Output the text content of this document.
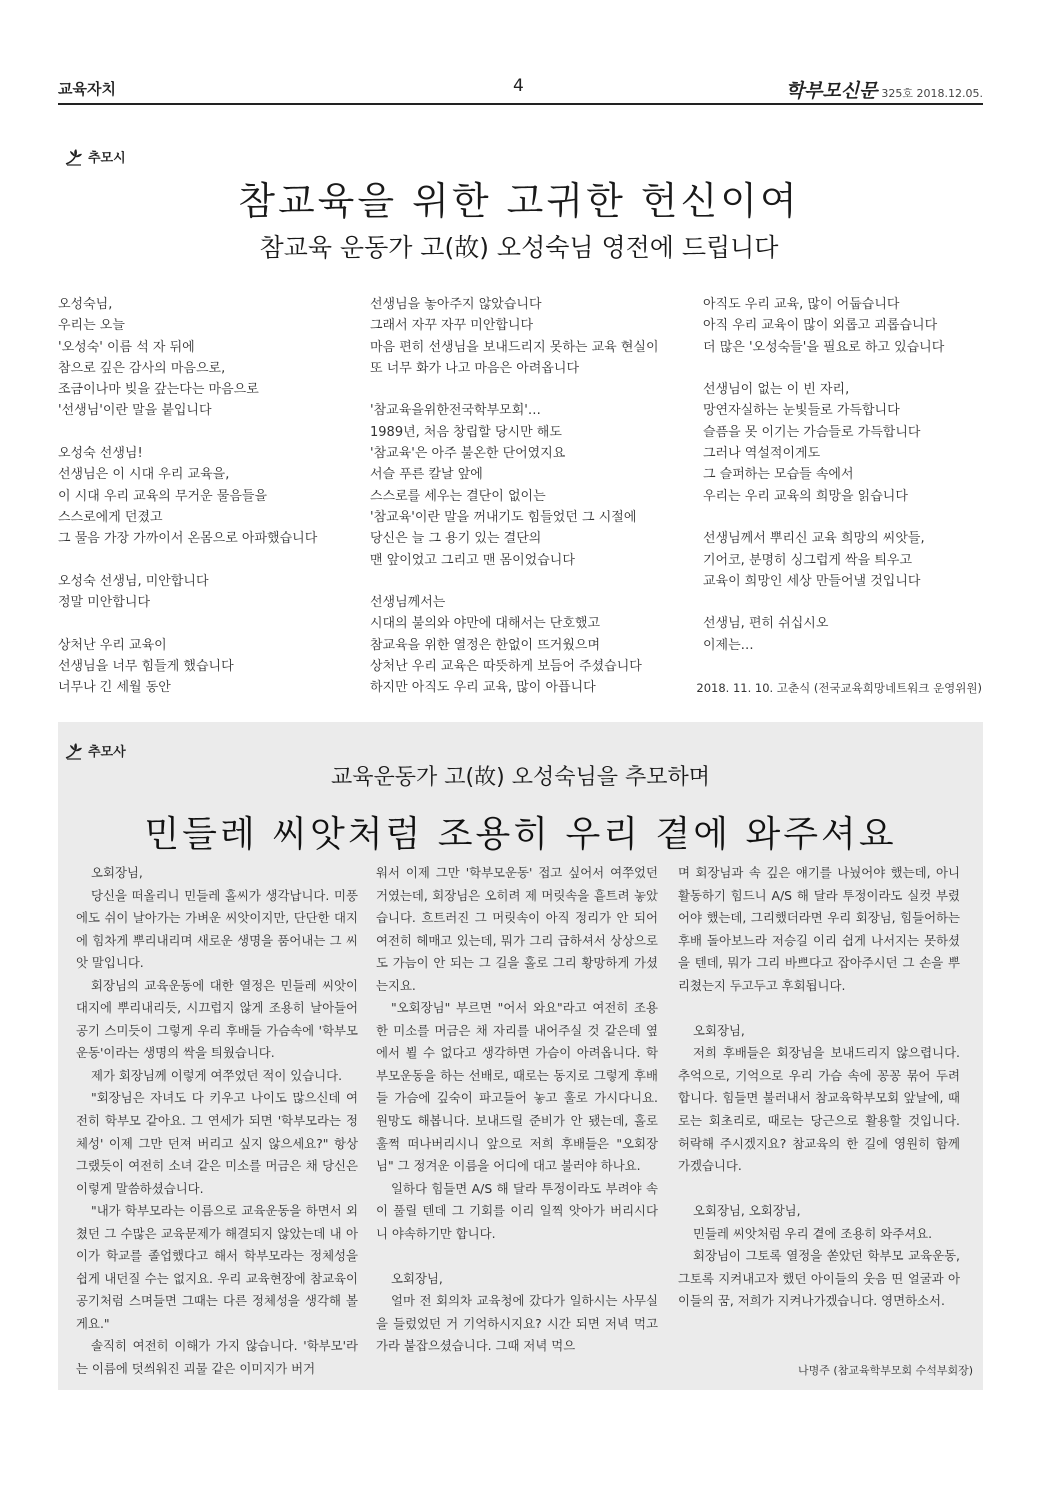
교육자치	4	학부모신문 325호 2018.12.05.
추모시
참교육을 위한 고귀한 헌신이여
참교육 운동가 고(故) 오성숙님 영전에 드립니다
오성숙님,
우리는 오늘
'오성숙' 이름 석 자 뒤에
참으로 깊은 감사의 마음으로,
조금이나마 빚을 갚는다는 마음으로
'선생님'이란 말을 붙입니다
오성숙 선생님!
선생님은 이 시대 우리 교육을,
이 시대 우리 교육의 무거운 물음들을
스스로에게 던졌고
그 물음 가장 가까이서 온몸으로 아파했습니다
오성숙 선생님, 미안합니다
정말 미안합니다
상처난 우리 교육이
선생님을 너무 힘들게 했습니다
너무나 긴 세월 동안
선생님을 놓아주지 않았습니다
그래서 자꾸 자꾸 미안합니다
마음 편히 선생님을 보내드리지 못하는 교육 현실이
또 너무 화가 나고 마음은 아려옵니다
'참교육을위한전국학부모회'…
1989년, 처음 창립할 당시만 해도
'참교육'은 아주 불온한 단어였지요
서슬 푸른 칼날 앞에
스스로를 세우는 결단이 없이는
'참교육'이란 말을 꺼내기도 힘들었던 그 시절에
당신은 늘 그 용기 있는 결단의
맨 앞이었고 그리고 맨 몸이었습니다
선생님께서는
시대의 불의와 야만에 대해서는 단호했고
참교육을 위한 열정은 한없이 뜨거웠으며
상처난 우리 교육은 따뜻하게 보듬어 주셨습니다
하지만 아직도 우리 교육, 많이 아픕니다
아직도 우리 교육, 많이 어둡습니다
아직 우리 교육이 많이 외롭고 괴롭습니다
더 많은 '오성숙들'을 필요로 하고 있습니다
선생님이 없는 이 빈 자리,
망연자실하는 눈빛들로 가득합니다
슬픔을 못 이기는 가슴들로 가득합니다
그러나 역설적이게도
그 슬퍼하는 모습들 속에서
우리는 우리 교육의 희망을 읽습니다
선생님께서 뿌리신 교육 희망의 씨앗들,
기어코, 분명히 싱그럽게 싹을 틔우고
교육이 희망인 세상 만들어낼 것입니다
선생님, 편히 쉬십시오
이제는…
2018. 11. 10. 고춘식 (전국교육희망네트워크 운영위원)
추모사
교육운동가 고(故) 오성숙님을 추모하며
민들레 씨앗처럼 조용히 우리 곁에 와주셔요

오회장님,

당신을 떠올리니 민들레 홀씨가 생각납니다. 미풍에도 쉬이 날아가는 가벼운 씨앗이지만, 단단한 대지에 힘차게 뿌리내리며 새로운 생명을 품어내는 그 씨앗 말입니다.

회장님의 교육운동에 대한 열정은 민들레 씨앗이 대지에 뿌리내리듯, 시끄럽지 않게 조용히 날아들어 공기 스미듯이 그렇게 우리 후배들 가슴속에 '학부모운동'이라는 생명의 싹을 틔웠습니다.

제가 회장님께 이렇게 여쭈었던 적이 있습니다.

"회장님은 자녀도 다 키우고 나이도 많으신데 여전히 학부모 같아요. 그 연세가 되면 '학부모라는 정체성' 이제 그만 던져 버리고 싶지 않으세요?" 항상 그랬듯이 여전히 소녀 같은 미소를 머금은 채 당신은 이렇게 말씀하셨습니다.

"내가 학부모라는 이름으로 교육운동을 하면서 외쳤던 그 수많은 교육문제가 해결되지 않았는데 내 아이가 학교를 졸업했다고 해서 학부모라는 정체성을 쉽게 내던질 수는 없지요. 우리 교육현장에 참교육이 공기처럼 스며들면 그때는 다른 정체성을 생각해 볼게요."

솔직히 여전히 이해가 가지 않습니다. '학부모'라는 이름에 덧씌워진 괴물 같은 이미지가 버거

워서 이제 그만 '학부모운동' 접고 싶어서 여쭈었던 거였는데, 회장님은 오히려 제 머릿속을 흩트려 놓았습니다. 흐트러진 그 머릿속이 아직 정리가 안 되어 여전히 헤매고 있는데, 뭐가 그리 급하셔서 상상으로도 가늠이 안 되는 그 길을 홀로 그리 황망하게 가셨는지요.

"오회장님" 부르면 "어서 와요"라고 여전히 조용한 미소를 머금은 채 자리를 내어주실 것 같은데 옆에서 뵐 수 없다고 생각하면 가슴이 아려옵니다. 학부모운동을 하는 선배로, 때로는 동지로 그렇게 후배들 가슴에 깊숙이 파고들어 놓고 훌로 가시다니요. 원망도 해봅니다. 보내드릴 준비가 안 됐는데, 홀로 훌쩍 떠나버리시니 앞으로 저희 후배들은 "오회장님" 그 정겨운 이름을 어디에 대고 불러야 하나요.

일하다 힘들면 A/S 해 달라 투정이라도 부려야 속이 풀릴 텐데 그 기회를 이리 일찍 앗아가 버리시다니 야속하기만 합니다.

오회장님,

얼마 전 회의차 교육청에 갔다가 일하시는 사무실을 들렀었던 거 기억하시지요? 시간 되면 저녁 먹고 가라 붙잡으셨습니다. 그때 저녁 먹으

며 회장님과 속 깊은 얘기를 나눴어야 했는데, 아니 활동하기 힘드니 A/S 해 달라 투정이라도 실컷 부렸어야 했는데, 그리했더라면 우리 회장님, 힘들어하는 후배 돌아보느라 저승길 이리 쉽게 나서지는 못하셨을 텐데, 뭐가 그리 바쁘다고 잡아주시던 그 손을 뿌리쳤는지 두고두고 후회됩니다.

오회장님,

저희 후배들은 회장님을 보내드리지 않으렵니다. 추억으로, 기억으로 우리 가슴 속에 꽁꽁 묶어 두려 합니다. 힘들면 불러내서 참교육학부모회 앞날에, 때로는 회초리로, 때로는 당근으로 활용할 것입니다. 허락해 주시겠지요? 참교육의 한 길에 영원히 함께 가겠습니다.

오회장님, 오회장님,

민들레 씨앗처럼 우리 곁에 조용히 와주셔요.

회장님이 그토록 열정을 쏟았던 학부모 교육운동, 그토록 지켜내고자 했던 아이들의 웃음 띤 얼굴과 아이들의 꿈, 저희가 지켜나가겠습니다. 영면하소서.

나명주 (참교육학부모회 수석부회장)
